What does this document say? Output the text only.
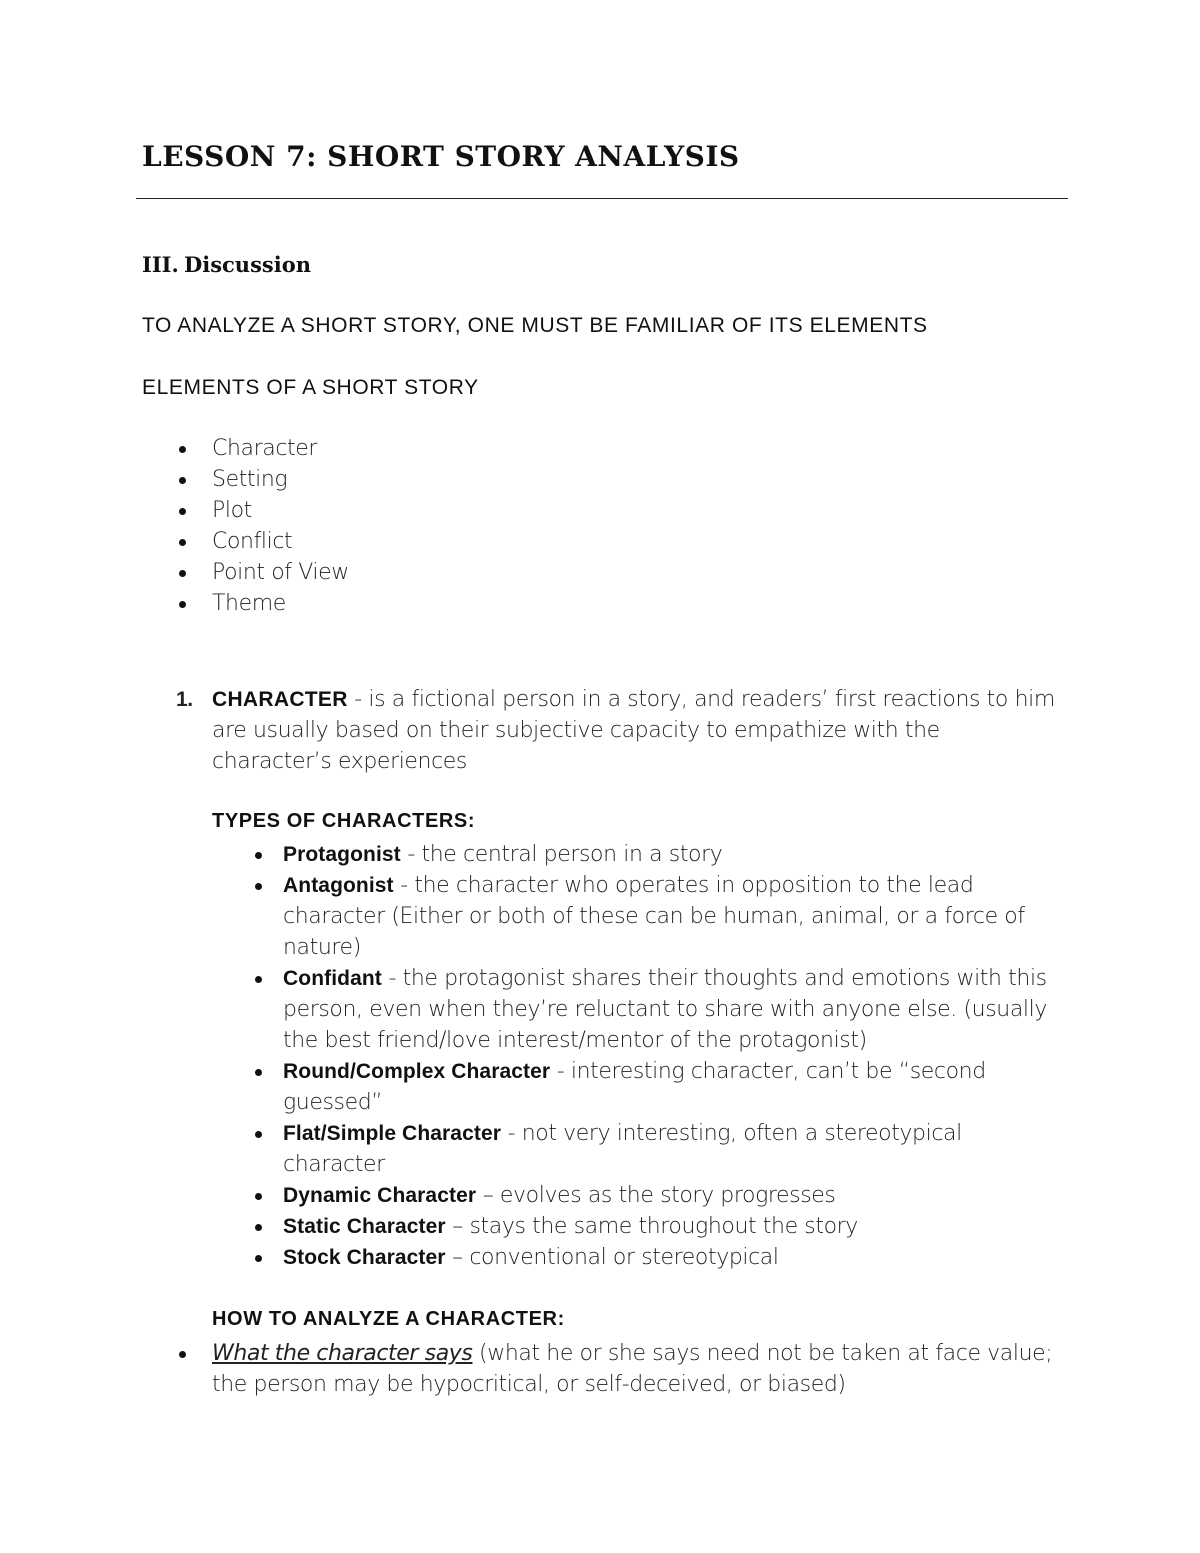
LESSON 7: SHORT STORY ANALYSIS
III. Discussion
TO ANALYZE A SHORT STORY, ONE MUST BE FAMILIAR OF ITS ELEMENTS
ELEMENTS OF A SHORT STORY
Character
Setting
Plot
Conflict
Point of View
Theme
1. CHARACTER - is a fictional person in a story, and readers’ first reactions to him are usually based on their subjective capacity to empathize with the character’s experiences
TYPES OF CHARACTERS:
Protagonist - the central person in a story
Antagonist - the character who operates in opposition to the lead character (Either or both of these can be human, animal, or a force of nature)
Confidant - the protagonist shares their thoughts and emotions with this person, even when they’re reluctant to share with anyone else. (usually the best friend/love interest/mentor of the protagonist)
Round/Complex Character - interesting character, can’t be “second guessed”
Flat/Simple Character - not very interesting, often a stereotypical character
Dynamic Character – evolves as the story progresses
Static Character – stays the same throughout the story
Stock Character – conventional or stereotypical
HOW TO ANALYZE A CHARACTER:
What the character says (what he or she says need not be taken at face value; the person may be hypocritical, or self-deceived, or biased)
